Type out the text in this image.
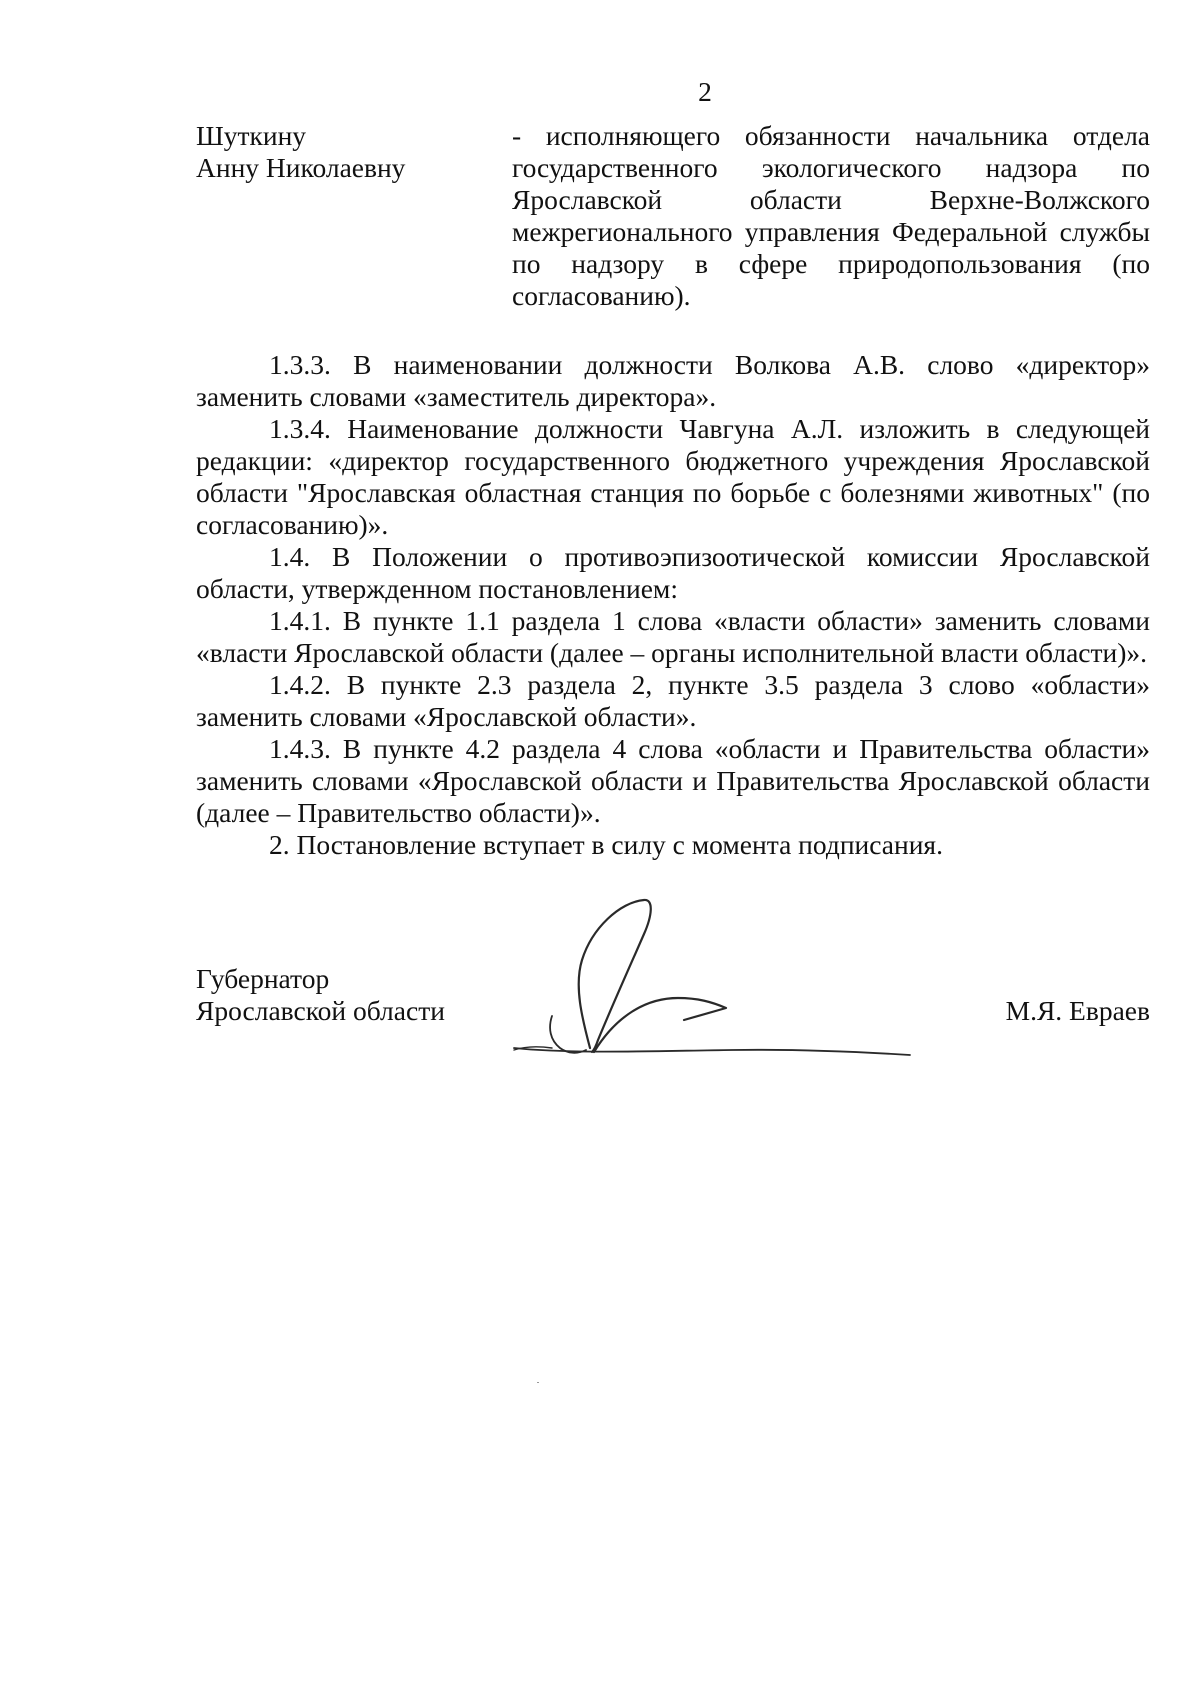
2
Шуткину
Анну Николаевну
- исполняющего обязанности начальника отдела государственного экологического надзора по Ярославской области Верхне-Волжского межрегионального управления Федеральной службы по надзору в сфере природопользования (по согласованию).

1.3.3. В наименовании должности Волкова А.В. слово «директор» заменить словами «заместитель директора».

1.3.4. Наименование должности Чавгуна А.Л. изложить в следующей редакции: «директор государственного бюджетного учреждения Ярославской области "Ярославская областная станция по борьбе с болезнями животных" (по согласованию)».

1.4. В Положении о противоэпизоотической комиссии Ярославской области, утвержденном постановлением:

1.4.1. В пункте 1.1 раздела 1 слова «власти области» заменить словами «власти Ярославской области (далее – органы исполнительной власти области)».

1.4.2. В пункте 2.3 раздела 2, пункте 3.5 раздела 3 слово «области» заменить словами «Ярославской области».

1.4.3. В пункте 4.2 раздела 4 слова «области и Правительства области» заменить словами «Ярославской области и Правительства Ярославской области (далее – Правительство области)».

2. Постановление вступает в силу с момента подписания.

Губернатор
Ярославской области	М.Я. Евраев
